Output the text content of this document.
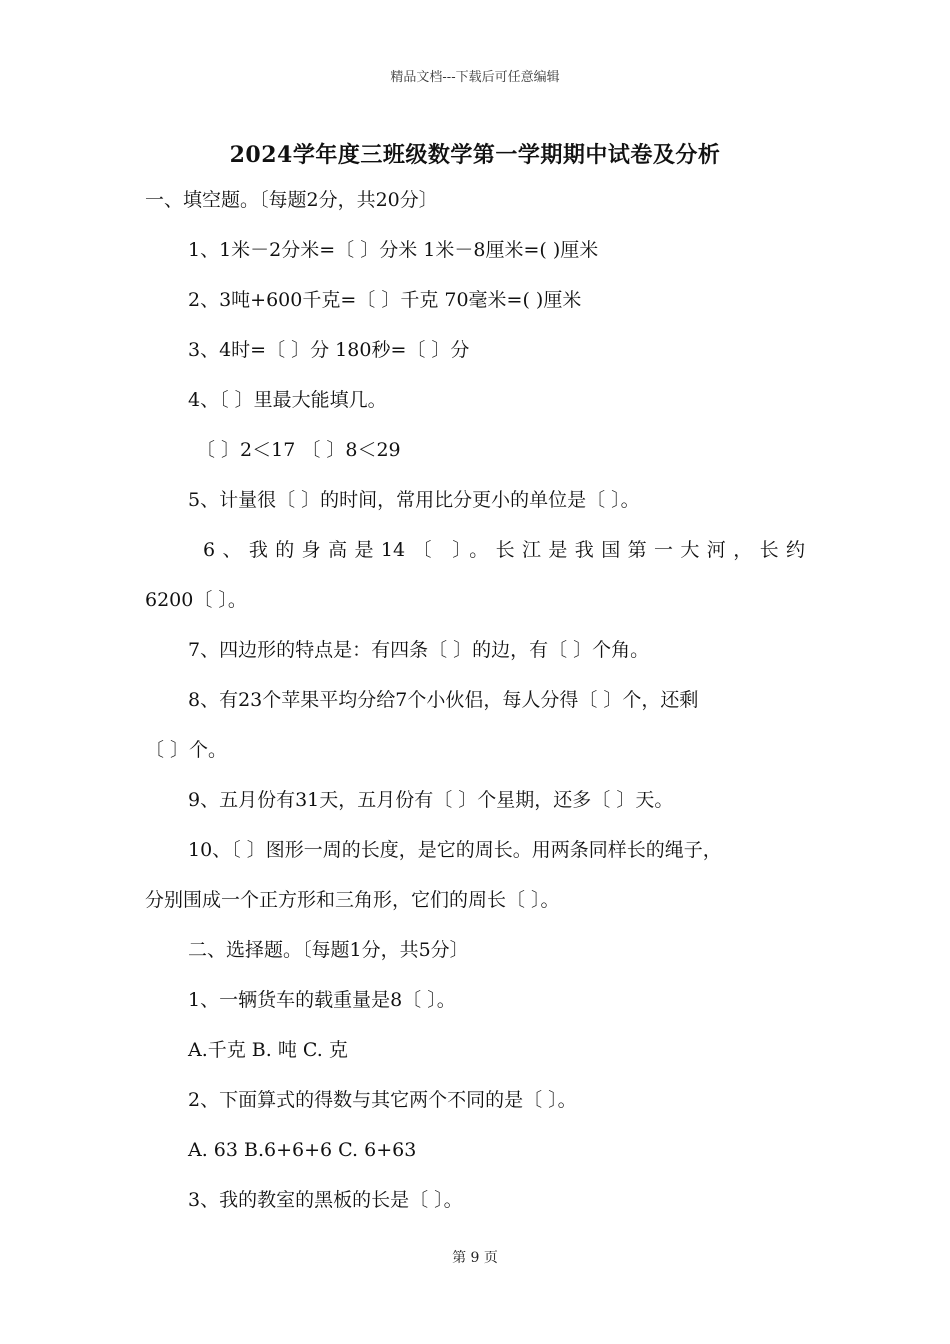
精品文档---下载后可任意编辑
2024学年度三班级数学第一学期期中试卷及分析
一、填空题。〔每题2分，共20分〕
1、1米－2分米=〔 〕分米 1米－8厘米=( )厘米
2、3吨+600千克=〔 〕千克 70毫米=( )厘米
3、4时=〔 〕分 180秒=〔 〕分
4、〔 〕里最大能填几。
〔 〕2＜17 〔 〕8＜29
5、计量很〔 〕的时间，常用比分更小的单位是〔 〕。
6、我的身高是14〔 〕。长江是我国第一大河，长约
6200〔 〕。
7、四边形的特点是：有四条〔 〕的边，有〔 〕个角。
8、有23个苹果平均分给7个小伙侣，每人分得〔 〕个，还剩
〔 〕个。
9、五月份有31天，五月份有〔 〕个星期，还多〔 〕天。
10、〔 〕图形一周的长度，是它的周长。用两条同样长的绳子，
分别围成一个正方形和三角形，它们的周长〔 〕。
二、选择题。〔每题1分，共5分〕
1、一辆货车的载重量是8〔 〕。
A.千克 B. 吨 C. 克
2、下面算式的得数与其它两个不同的是〔 〕。
A. 63 B.6+6+6 C. 6+63
3、我的教室的黑板的长是〔 〕。
第 9 页
